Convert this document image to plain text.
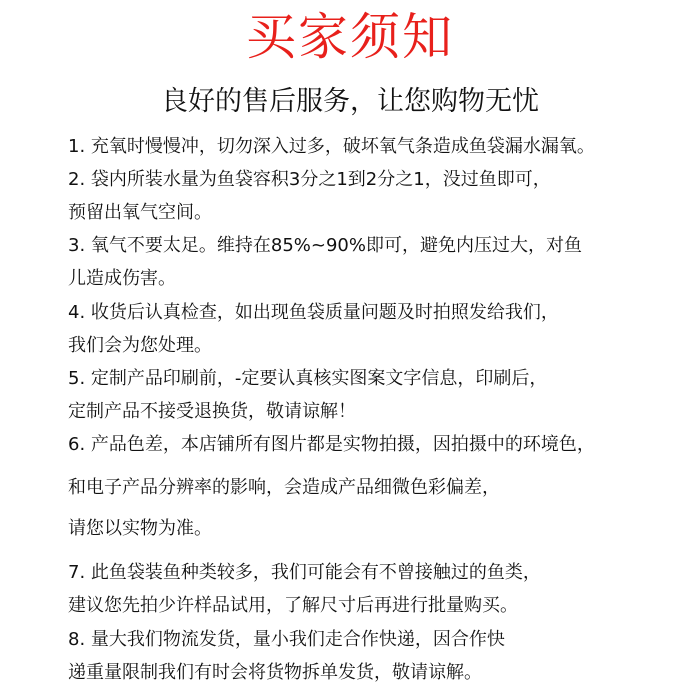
买家须知
良好的售后服务，让您购物无忧
1. 充氧时慢慢冲，切勿深入过多，破坏氧气条造成鱼袋漏水漏氧。
2. 袋内所装水量为鱼袋容积3分之1到2分之1，没过鱼即可，
预留出氧气空间。
3. 氧气不要太足。维持在85%~90%即可，避免内压过大，对鱼
儿造成伤害。
4. 收货后认真检查，如出现鱼袋质量问题及时拍照发给我们，
我们会为您处理。
5. 定制产品印刷前，-定要认真核实图案文字信息，印刷后，
定制产品不接受退换货，敬请谅解！
6. 产品色差，本店铺所有图片都是实物拍摄，因拍摄中的环境色，
和电子产品分辨率的影响，会造成产品细微色彩偏差，
请您以实物为准。
7. 此鱼袋装鱼种类较多，我们可能会有不曾接触过的鱼类，
建议您先拍少许样品试用，了解尺寸后再进行批量购买。
8. 量大我们物流发货，量小我们走合作快递，因合作快
递重量限制我们有时会将货物拆单发货，敬请谅解。
